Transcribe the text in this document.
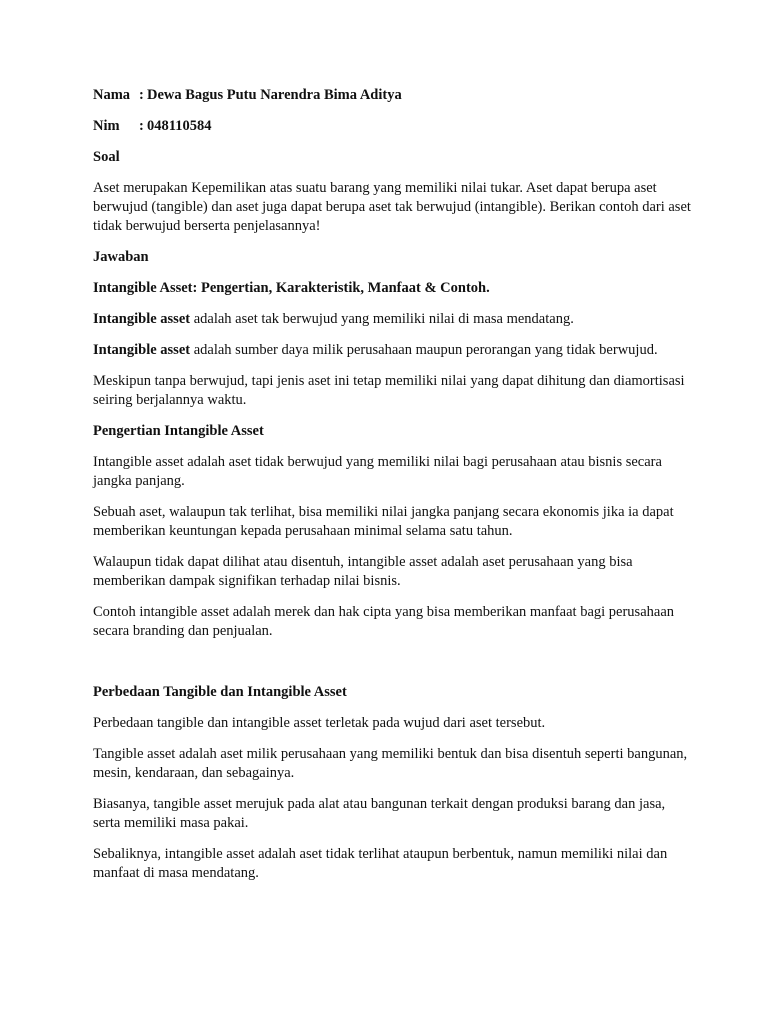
Nama : Dewa Bagus Putu Narendra Bima Aditya
Nim	: 048110584

Soal

Aset merupakan Kepemilikan atas suatu barang yang memiliki nilai tukar. Aset dapat berupa aset berwujud (tangible) dan aset juga dapat berupa aset tak berwujud (intangible). Berikan contoh dari aset tidak berwujud berserta penjelasannya!

Jawaban

Intangible Asset: Pengertian, Karakteristik, Manfaat & Contoh.

Intangible asset adalah aset tak berwujud yang memiliki nilai di masa mendatang.

Intangible asset adalah sumber daya milik perusahaan maupun perorangan yang tidak berwujud.

Meskipun tanpa berwujud, tapi jenis aset ini tetap memiliki nilai yang dapat dihitung dan diamortisasi seiring berjalannya waktu.

Pengertian Intangible Asset

Intangible asset adalah aset tidak berwujud yang memiliki nilai bagi perusahaan atau bisnis secara jangka panjang.

Sebuah aset, walaupun tak terlihat, bisa memiliki nilai jangka panjang secara ekonomis jika ia dapat memberikan keuntungan kepada perusahaan minimal selama satu tahun.

Walaupun tidak dapat dilihat atau disentuh, intangible asset adalah aset perusahaan yang bisa memberikan dampak signifikan terhadap nilai bisnis.

Contoh intangible asset adalah merek dan hak cipta yang bisa memberikan manfaat bagi perusahaan secara branding dan penjualan.

Perbedaan Tangible dan Intangible Asset

Perbedaan tangible dan intangible asset terletak pada wujud dari aset tersebut.

Tangible asset adalah aset milik perusahaan yang memiliki bentuk dan bisa disentuh seperti bangunan, mesin, kendaraan, dan sebagainya.

Biasanya, tangible asset merujuk pada alat atau bangunan terkait dengan produksi barang dan jasa, serta memiliki masa pakai.

Sebaliknya, intangible asset adalah aset tidak terlihat ataupun berbentuk, namun memiliki nilai dan manfaat di masa mendatang.
